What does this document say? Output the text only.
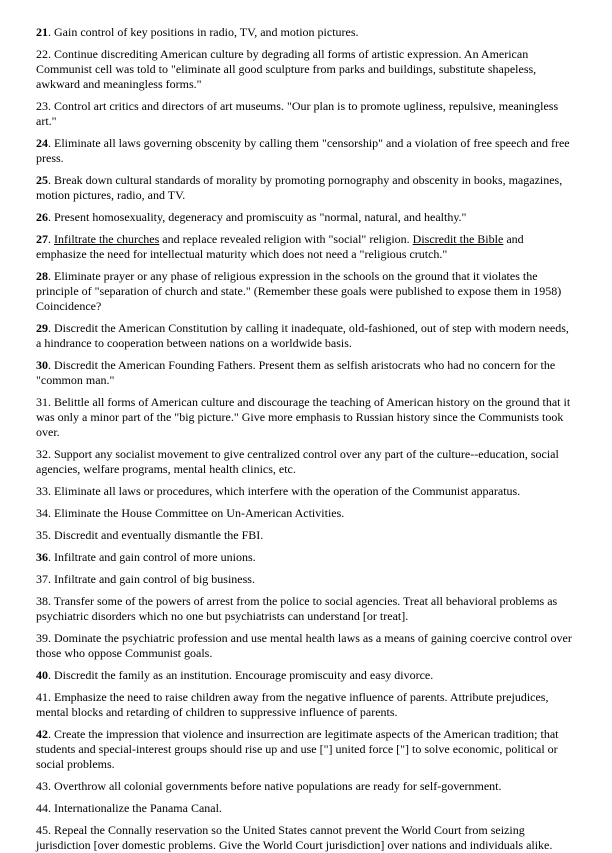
21. Gain control of key positions in radio, TV, and motion pictures.

22. Continue discrediting American culture by degrading all forms of artistic expression. An American Communist cell was told to "eliminate all good sculpture from parks and buildings, substitute shapeless, awkward and meaningless forms."

23. Control art critics and directors of art museums. "Our plan is to promote ugliness, repulsive, meaningless art."

24. Eliminate all laws governing obscenity by calling them "censorship" and a violation of free speech and free press.

25. Break down cultural standards of morality by promoting pornography and obscenity in books, magazines, motion pictures, radio, and TV.

26. Present homosexuality, degeneracy and promiscuity as "normal, natural, and healthy."

27. Infiltrate the churches and replace revealed religion with "social" religion. Discredit the Bible and emphasize the need for intellectual maturity which does not need a "religious crutch."

28. Eliminate prayer or any phase of religious expression in the schools on the ground that it violates the principle of "separation of church and state." (Remember these goals were published to expose them in 1958) Coincidence?

29. Discredit the American Constitution by calling it inadequate, old-fashioned, out of step with modern needs, a hindrance to cooperation between nations on a worldwide basis.

30. Discredit the American Founding Fathers. Present them as selfish aristocrats who had no concern for the "common man."

31. Belittle all forms of American culture and discourage the teaching of American history on the ground that it was only a minor part of the "big picture." Give more emphasis to Russian history since the Communists took over.

32. Support any socialist movement to give centralized control over any part of the culture--education, social agencies, welfare programs, mental health clinics, etc.

33. Eliminate all laws or procedures, which interfere with the operation of the Communist apparatus.

34. Eliminate the House Committee on Un-American Activities.

35. Discredit and eventually dismantle the FBI.

36. Infiltrate and gain control of more unions.

37. Infiltrate and gain control of big business.

38. Transfer some of the powers of arrest from the police to social agencies. Treat all behavioral problems as psychiatric disorders which no one but psychiatrists can understand [or treat].

39. Dominate the psychiatric profession and use mental health laws as a means of gaining coercive control over those who oppose Communist goals.

40. Discredit the family as an institution. Encourage promiscuity and easy divorce.

41. Emphasize the need to raise children away from the negative influence of parents. Attribute prejudices, mental blocks and retarding of children to suppressive influence of parents.

42. Create the impression that violence and insurrection are legitimate aspects of the American tradition; that students and special-interest groups should rise up and use ["] united force ["] to solve economic, political or social problems.

43. Overthrow all colonial governments before native populations are ready for self-government.

44. Internationalize the Panama Canal.

45. Repeal the Connally reservation so the United States cannot prevent the World Court from seizing jurisdiction [over domestic problems. Give the World Court jurisdiction] over nations and individuals alike.
